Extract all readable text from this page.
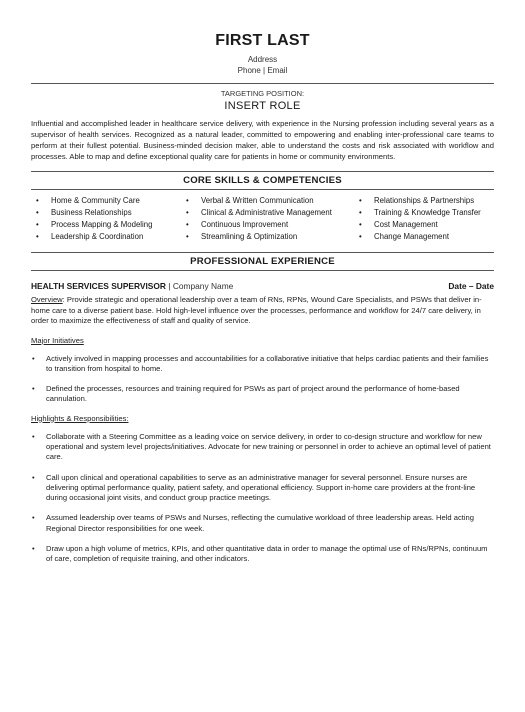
FIRST LAST
Address
Phone | Email
TARGETING POSITION:
INSERT ROLE
Influential and accomplished leader in healthcare service delivery, with experience in the Nursing profession including several years as a supervisor of health services. Recognized as a natural leader, committed to empowering and enabling inter-professional care teams to perform at their fullest potential. Business-minded decision maker, able to understand the costs and risk associated with workflow and processes. Able to map and define exceptional quality care for patients in home or community environments.
CORE SKILLS & COMPETENCIES
• Home & Community Care
• Business Relationships
• Process Mapping & Modeling
• Leadership & Coordination
• Verbal & Written Communication
• Clinical & Administrative Management
• Continuous Improvement
• Streamlining & Optimization
• Relationships & Partnerships
• Training & Knowledge Transfer
• Cost Management
• Change Management
PROFESSIONAL EXPERIENCE
HEALTH SERVICES SUPERVISOR | Company Name	Date – Date
Overview: Provide strategic and operational leadership over a team of RNs, RPNs, Wound Care Specialists, and PSWs that deliver in-home care to a diverse patient base. Hold high-level influence over the processes, performance and workflow for 24/7 care delivery, in order to maximize the effectiveness of staff and quality of service.
Major Initiatives
• Actively involved in mapping processes and accountabilities for a collaborative initiative that helps cardiac patients and their families to transition from hospital to home.
• Defined the processes, resources and training required for PSWs as part of project around the performance of home-based cannulation.
Highlights & Responsibilities:
• Collaborate with a Steering Committee as a leading voice on service delivery, in order to co-design structure and workflow for new operational and system level projects/initiatives. Advocate for new training or personnel in order to achieve an optimal level of patient care.
• Call upon clinical and operational capabilities to serve as an administrative manager for several personnel. Ensure nurses are delivering optimal performance quality, patient safety, and operational efficiency. Support in-home care providers at the front-line during occasional joint visits, and conduct group practice meetings.
• Assumed leadership over teams of PSWs and Nurses, reflecting the cumulative workload of three leadership areas. Held acting Regional Director responsibilities for one week.
• Draw upon a high volume of metrics, KPIs, and other quantitative data in order to manage the optimal use of RNs/RPNs, continuum of care, completion of requisite training, and other indicators.
